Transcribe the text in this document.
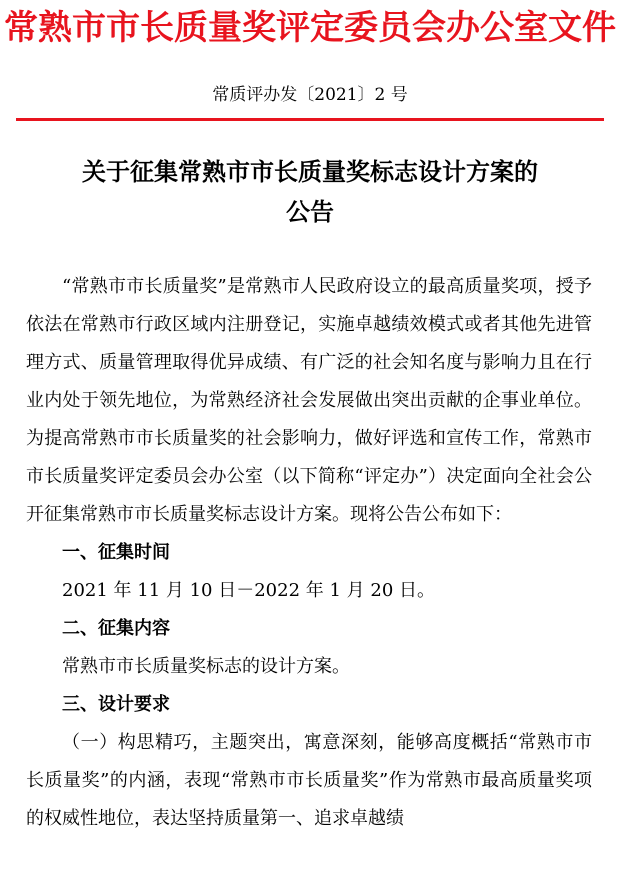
常熟市市长质量奖评定委员会办公室文件
常质评办发〔2021〕2 号
关于征集常熟市市长质量奖标志设计方案的
公告

“常熟市市长质量奖”是常熟市人民政府设立的最高质量奖项，授予依法在常熟市行政区域内注册登记，实施卓越绩效模式或者其他先进管理方式、质量管理取得优异成绩、有广泛的社会知名度与影响力且在行业内处于领先地位，为常熟经济社会发展做出突出贡献的企事业单位。为提高常熟市市长质量奖的社会影响力，做好评选和宣传工作，常熟市市长质量奖评定委员会办公室（以下简称“评定办”）决定面向全社会公开征集常熟市市长质量奖标志设计方案。现将公告公布如下：

一、征集时间

2021 年 11 月 10 日－2022 年 1 月 20 日。

二、征集内容

常熟市市长质量奖标志的设计方案。

三、设计要求

（一）构思精巧，主题突出，寓意深刻，能够高度概括“常熟市市长质量奖”的内涵，表现“常熟市市长质量奖”作为常熟市最高质量奖项的权威性地位，表达坚持质量第一、追求卓越绩
